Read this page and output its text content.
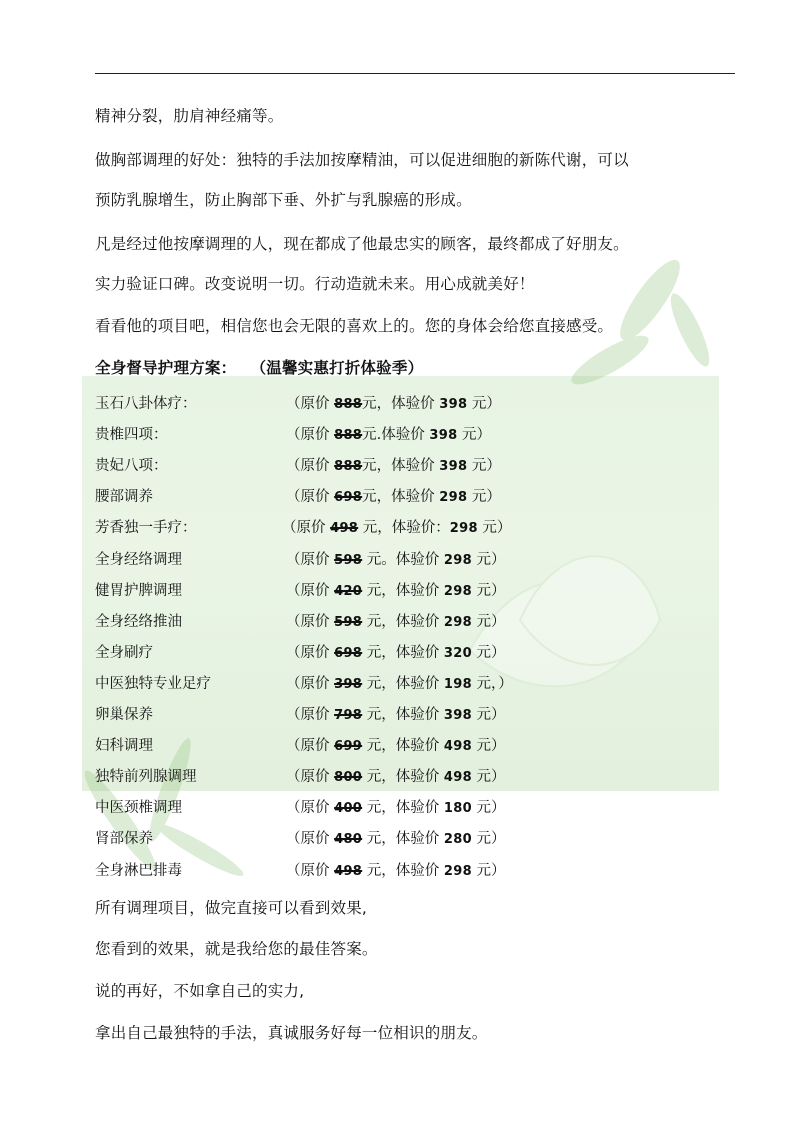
精神分裂，肋肩神经痛等。
做胸部调理的好处：独特的手法加按摩精油，可以促进细胞的新陈代谢，可以
预防乳腺增生，防止胸部下垂、外扩与乳腺癌的形成。
凡是经过他按摩调理的人，现在都成了他最忠实的顾客，最终都成了好朋友。
实力验证口碑。改变说明一切。行动造就未来。用心成就美好！
看看他的项目吧，相信您也会无限的喜欢上的。您的身体会给您直接感受。
全身督导护理方案： （温馨实惠打折体验季）
玉石八卦体疗：	（原价 888元，体验价 398 元）
贵椎四项：	（原价 888元.体验价 398 元）
贵妃八项：	（原价 888元，体验价 398 元）
腰部调养	（原价 698元，体验价 298 元）
芳香独一手疗：	（原价 498 元，体验价：298 元）
全身经络调理	（原价 598 元。体验价 298 元）
健胃护脾调理	（原价 420 元，体验价 298 元）
全身经络推油	（原价 598 元，体验价 298 元）
全身刷疗	（原价 698 元，体验价 320 元）
中医独特专业足疗	（原价 398 元，体验价 198 元，）
卵巢保养	（原价 798 元，体验价 398 元）
妇科调理	（原价 699 元，体验价 498 元）
独特前列腺调理	（原价 800 元，体验价 498 元）
中医颈椎调理	（原价 400 元，体验价 180 元）
肾部保养	（原价 480 元，体验价 280 元）
全身淋巴排毒	（原价 498 元，体验价 298 元）
所有调理项目，做完直接可以看到效果,
您看到的效果，就是我给您的最佳答案。
说的再好，不如拿自己的实力,
拿出自己最独特的手法，真诚服务好每一位相识的朋友。
